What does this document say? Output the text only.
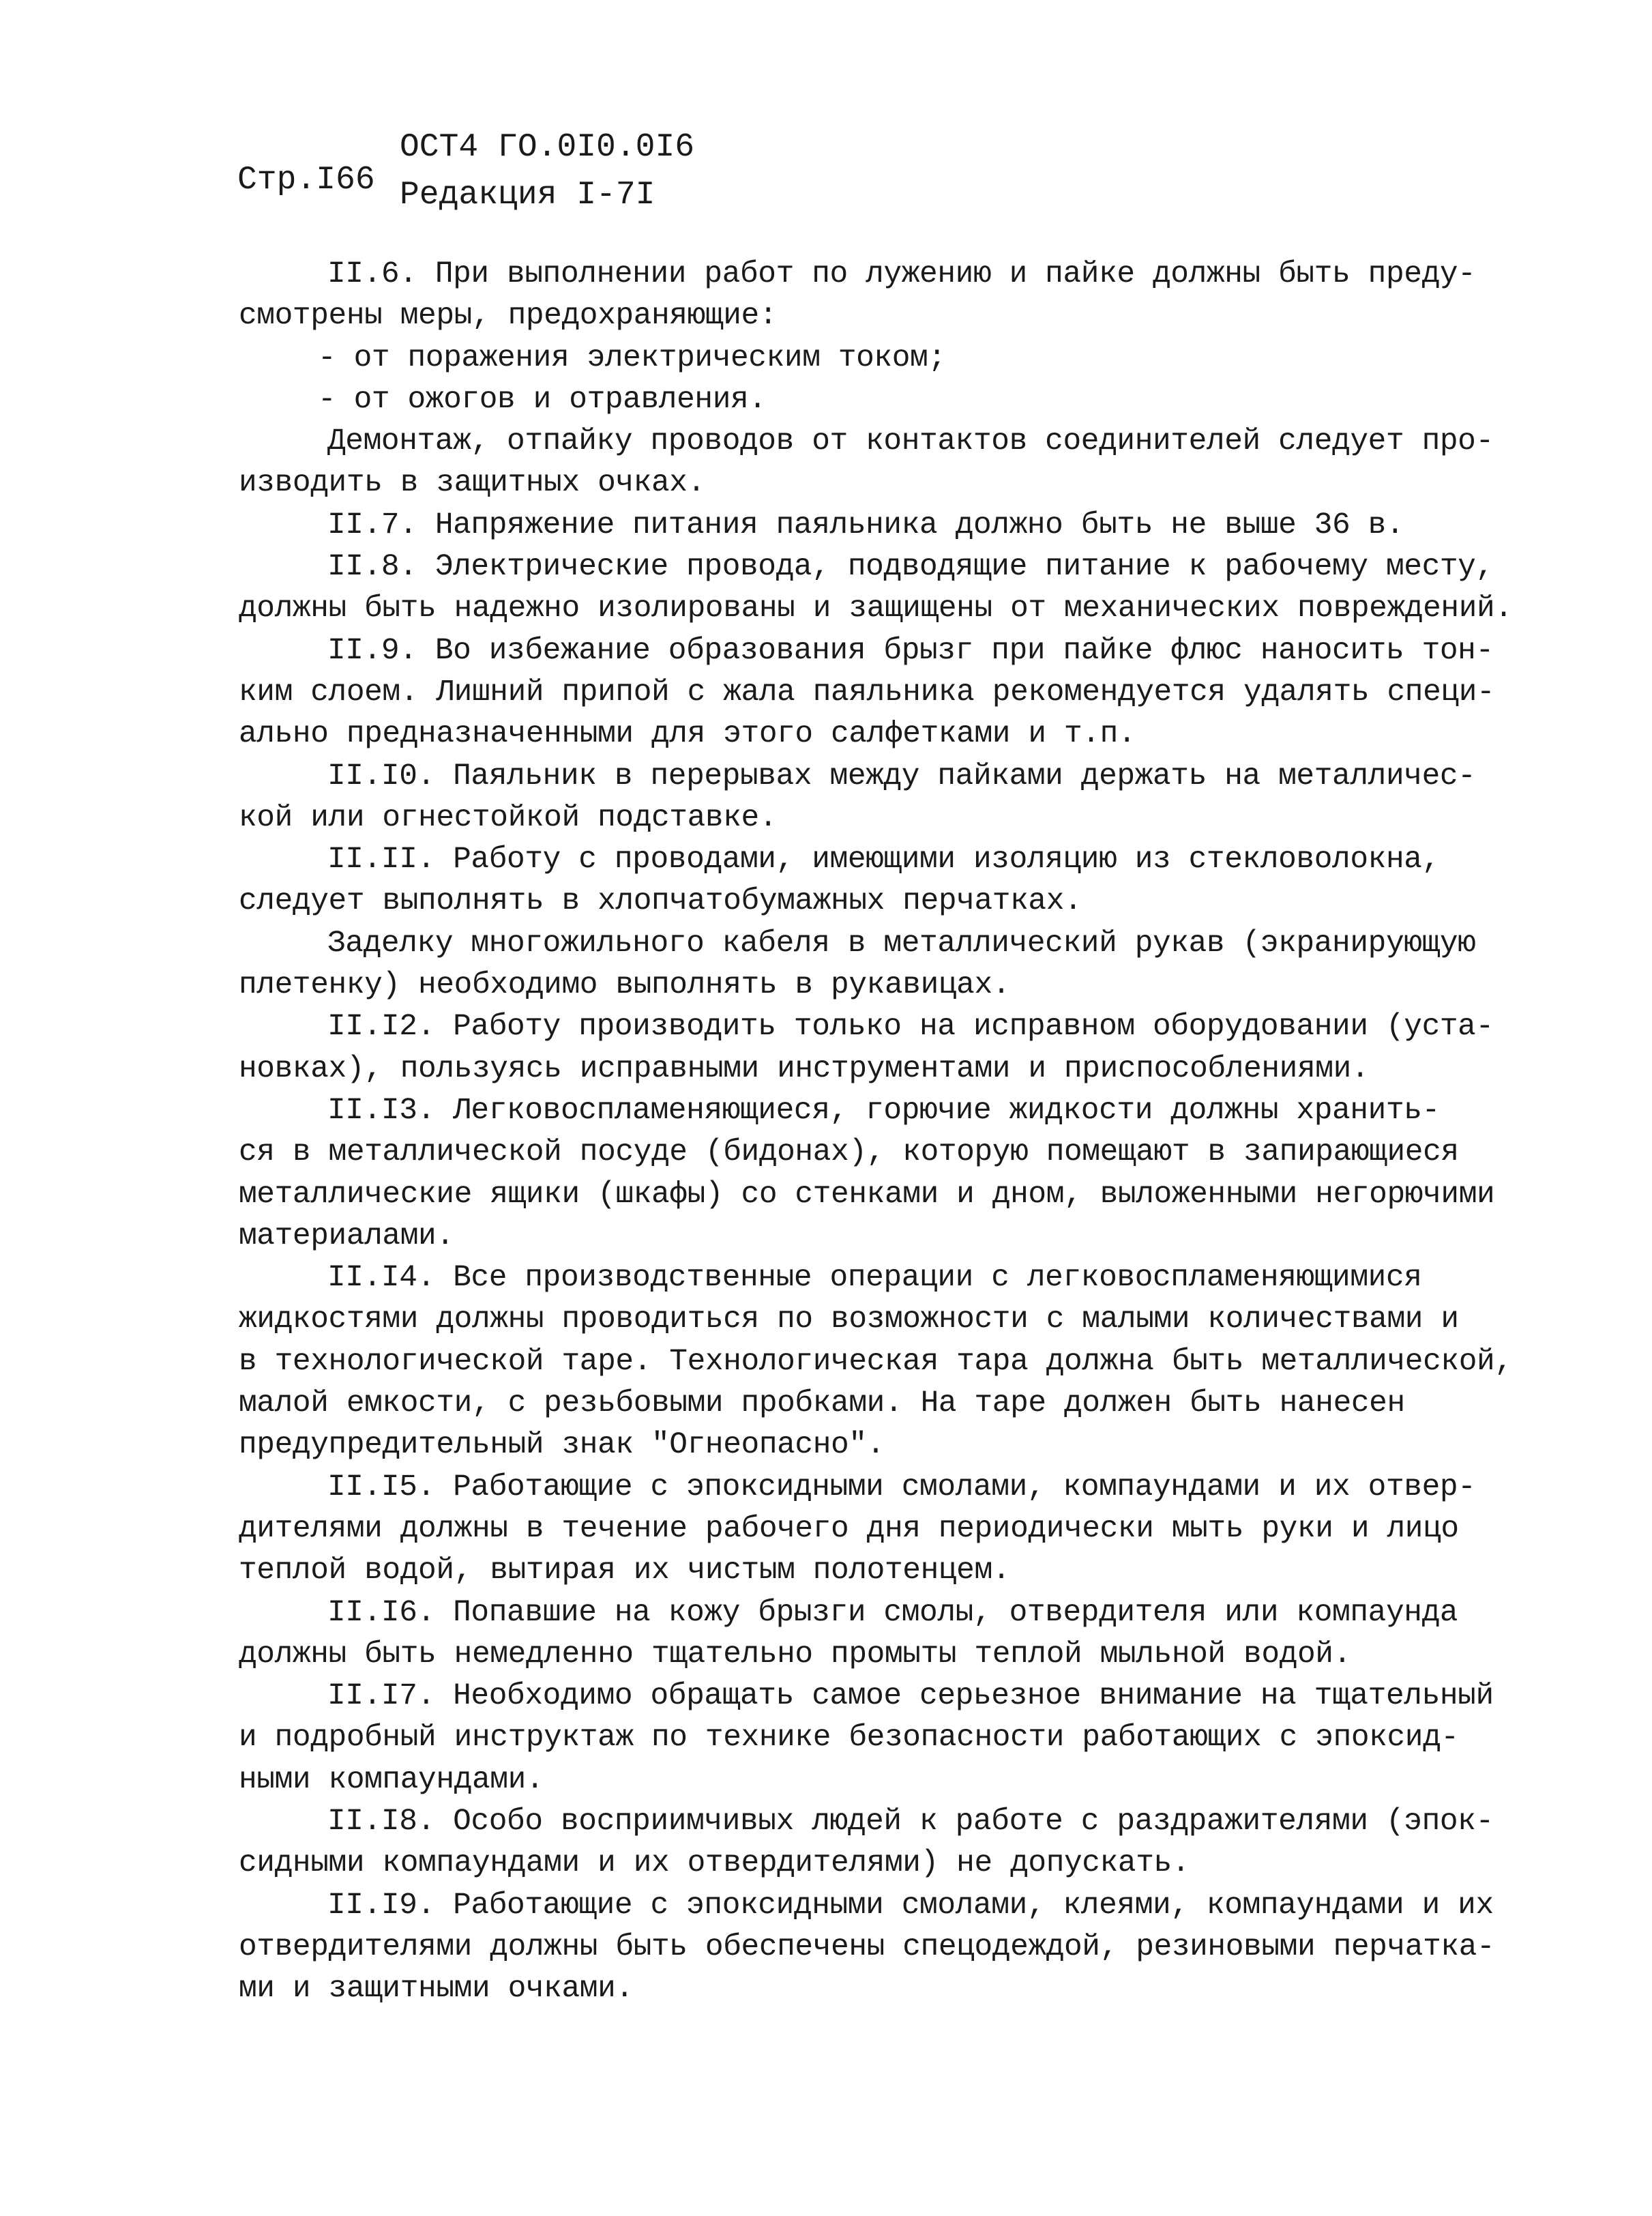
Стр.I66
ОСТ4 ГО.0I0.0I6
Редакция I-7I
II.6. При выполнении работ по лужению и пайке должны быть преду-
смотрены меры, предохраняющие:
- от поражения электрическим током;
- от ожогов и отравления.
Демонтаж, отпайку проводов от контактов соединителей следует про-
изводить в защитных очках.
II.7. Напряжение питания паяльника должно быть не выше 36 в.
II.8. Электрические провода, подводящие питание к рабочему месту,
должны быть надежно изолированы и защищены от механических повреждений.
II.9. Во избежание образования брызг при пайке флюс наносить тон-
ким слоем. Лишний припой с жала паяльника рекомендуется удалять специ-
ально предназначенными для этого салфетками и т.п.
II.I0. Паяльник в перерывах между пайками держать на металличес-
кой или огнестойкой подставке.
II.II. Работу с проводами, имеющими изоляцию из стекловолокна,
следует выполнять в хлопчатобумажных перчатках.
Заделку многожильного кабеля в металлический рукав (экранирующую
плетенку) необходимо выполнять в рукавицах.
II.I2. Работу производить только на исправном оборудовании (уста-
новках), пользуясь исправными инструментами и приспособлениями.
II.I3. Легковоспламеняющиеся, горючие жидкости должны хранить-
ся в металлической посуде (бидонах), которую помещают в запирающиеся
металлические ящики (шкафы) со стенками и дном, выложенными негорючими
материалами.
II.I4. Все производственные операции с легковоспламеняющимися
жидкостями должны проводиться по возможности с малыми количествами и
в технологической таре. Технологическая тара должна быть металлической,
малой емкости, с резьбовыми пробками. На таре должен быть нанесен
предупредительный знак "Огнеопасно".
II.I5. Работающие с эпоксидными смолами, компаундами и их отвер-
дителями должны в течение рабочего дня периодически мыть руки и лицо
теплой водой, вытирая их чистым полотенцем.
II.I6. Попавшие на кожу брызги смолы, отвердителя или компаунда
должны быть немедленно тщательно промыты теплой мыльной водой.
II.I7. Необходимо обращать самое серьезное внимание на тщательный
и подробный инструктаж по технике безопасности работающих с эпоксид-
ными компаундами.
II.I8. Особо восприимчивых людей к работе с раздражителями (эпок-
сидными компаундами и их отвердителями) не допускать.
II.I9. Работающие с эпоксидными смолами, клеями, компаундами и их
отвердителями должны быть обеспечены спецодеждой, резиновыми перчатка-
ми и защитными очками.
